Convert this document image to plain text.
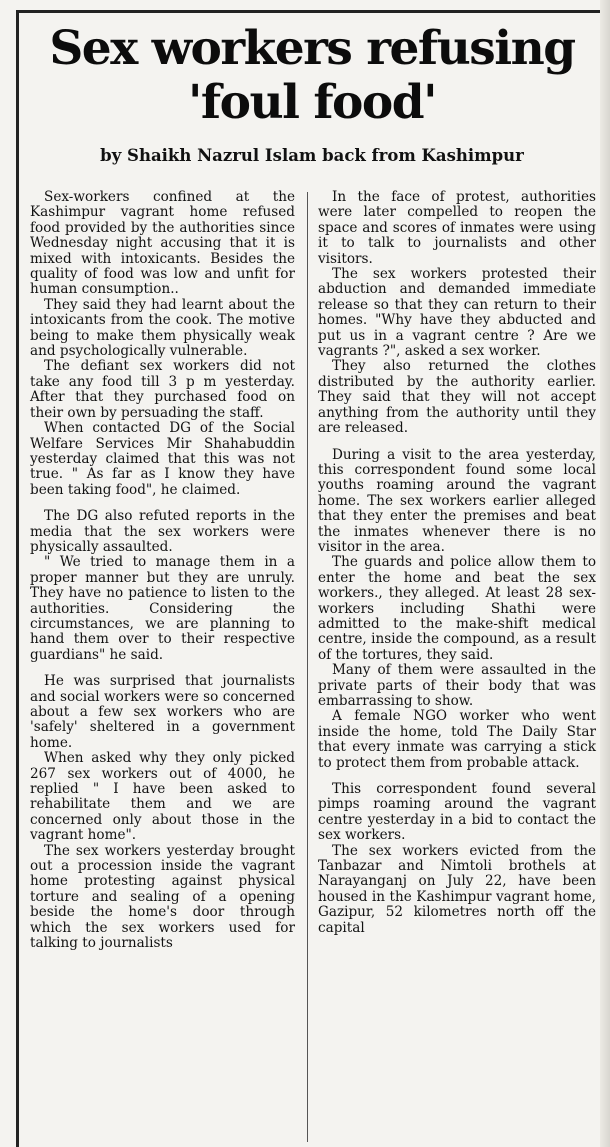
Sex workers refusing
'foul food'
by Shaikh Nazrul Islam back from Kashimpur

Sex-workers confined at the Kashimpur vagrant home refused food provided by the authorities since Wednesday night accusing that it is mixed with intoxicants. Besides the quality of food was low and unfit for human consumption..

They said they had learnt about the intoxicants from the cook. The motive being to make them physically weak and psychologically vulnerable.

The defiant sex workers did not take any food till 3 p m yesterday. After that they purchased food on their own by persuading the staff.

When contacted DG of the Social Welfare Services Mir Shahabuddin yesterday claimed that this was not true. " As far as I know they have been taking food", he claimed.

The DG also refuted reports in the media that the sex workers were physically assaulted.

" We tried to manage them in a proper manner but they are unruly. They have no patience to listen to the authorities. Considering the circumstances, we are planning to hand them over to their respective guardians" he said.

He was surprised that journalists and social workers were so concerned about a few sex workers who are 'safely' sheltered in a government home.

When asked why they only picked 267 sex workers out of 4000, he replied " I have been asked to rehabilitate them and we are concerned only about those in the vagrant home".

The sex workers yesterday brought out a procession inside the vagrant home protesting against physical torture and sealing of a opening beside the home's door through which the sex workers used for talking to journalists

In the face of protest, authorities were later compelled to reopen the space and scores of inmates were using it to talk to journalists and other visitors.

The sex workers protested their abduction and demanded immediate release so that they can return to their homes. "Why have they abducted and put us in a vagrant centre ? Are we vagrants ?", asked a sex worker.

They also returned the clothes distributed by the authority earlier. They said that they will not accept anything from the authority until they are released.

During a visit to the area yesterday, this correspondent found some local youths roaming around the vagrant home. The sex workers earlier alleged that they enter the premises and beat the inmates whenever there is no visitor in the area.

The guards and police allow them to enter the home and beat the sex workers., they alleged. At least 28 sex-workers including Shathi were admitted to the make-shift medical centre, inside the compound, as a result of the tortures, they said.

Many of them were assaulted in the private parts of their body that was embarrassing to show.

A female NGO worker who went inside the home, told The Daily Star that every inmate was carrying a stick to protect them from probable attack.

This correspondent found several pimps roaming around the vagrant centre yesterday in a bid to contact the sex workers.

The sex workers evicted from the Tanbazar and Nimtoli brothels at Narayanganj on July 22, have been housed in the Kashimpur vagrant home, Gazipur, 52 kilometres north off the capital
